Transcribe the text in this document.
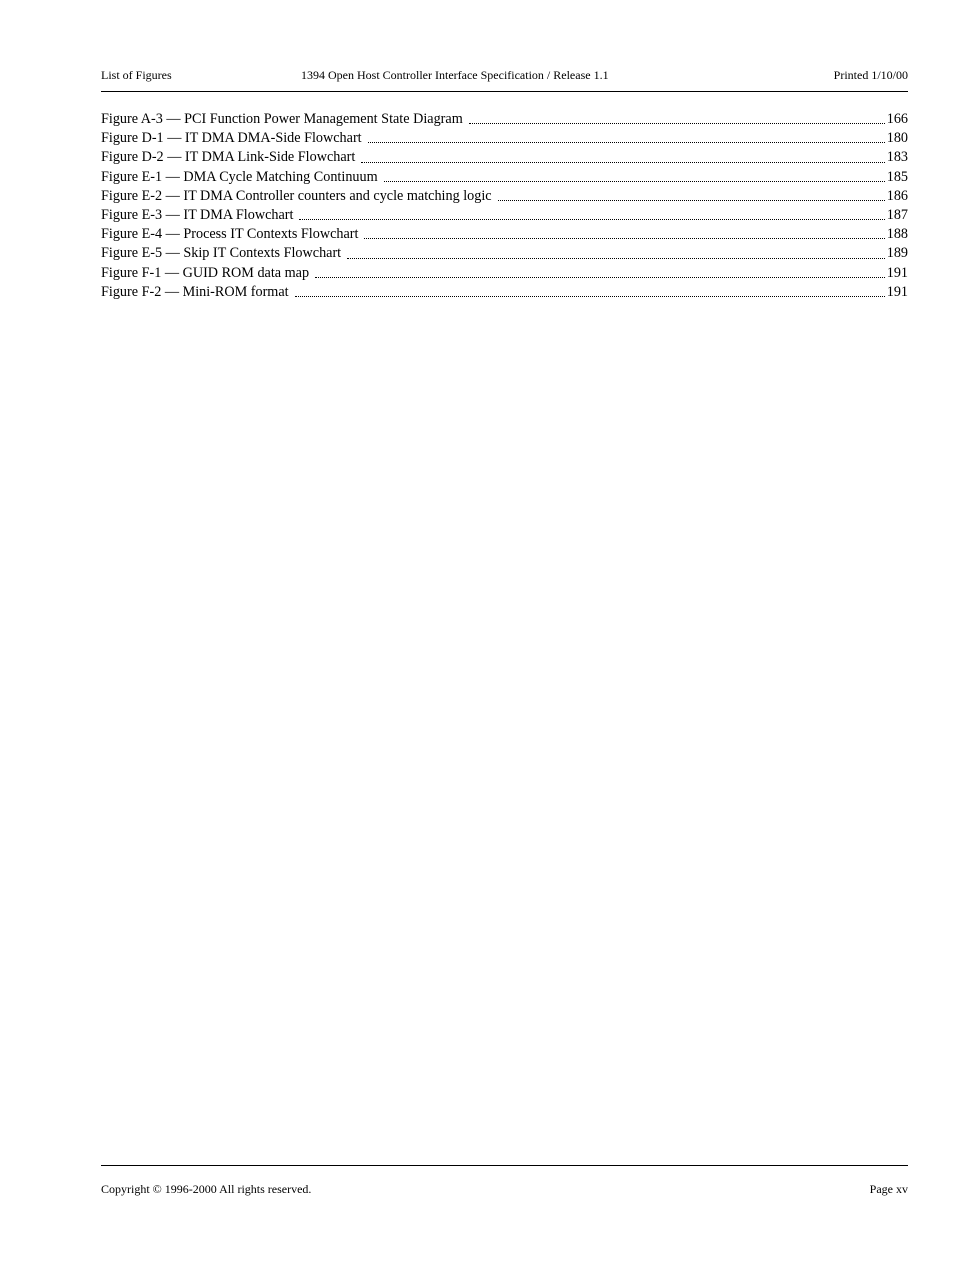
List of Figures	1394 Open Host Controller Interface Specification / Release 1.1	Printed 1/10/00
Figure A-3 — PCI Function Power Management State Diagram	166
Figure D-1 — IT DMA DMA-Side Flowchart	180
Figure D-2 — IT DMA Link-Side Flowchart	183
Figure E-1 — DMA Cycle Matching Continuum	185
Figure E-2 — IT DMA Controller counters and cycle matching logic	186
Figure E-3 — IT DMA Flowchart	187
Figure E-4 — Process IT Contexts Flowchart	188
Figure E-5 — Skip IT Contexts Flowchart	189
Figure F-1 — GUID ROM data map	191
Figure F-2 — Mini-ROM format	191
Copyright © 1996-2000 All rights reserved.	Page xv
